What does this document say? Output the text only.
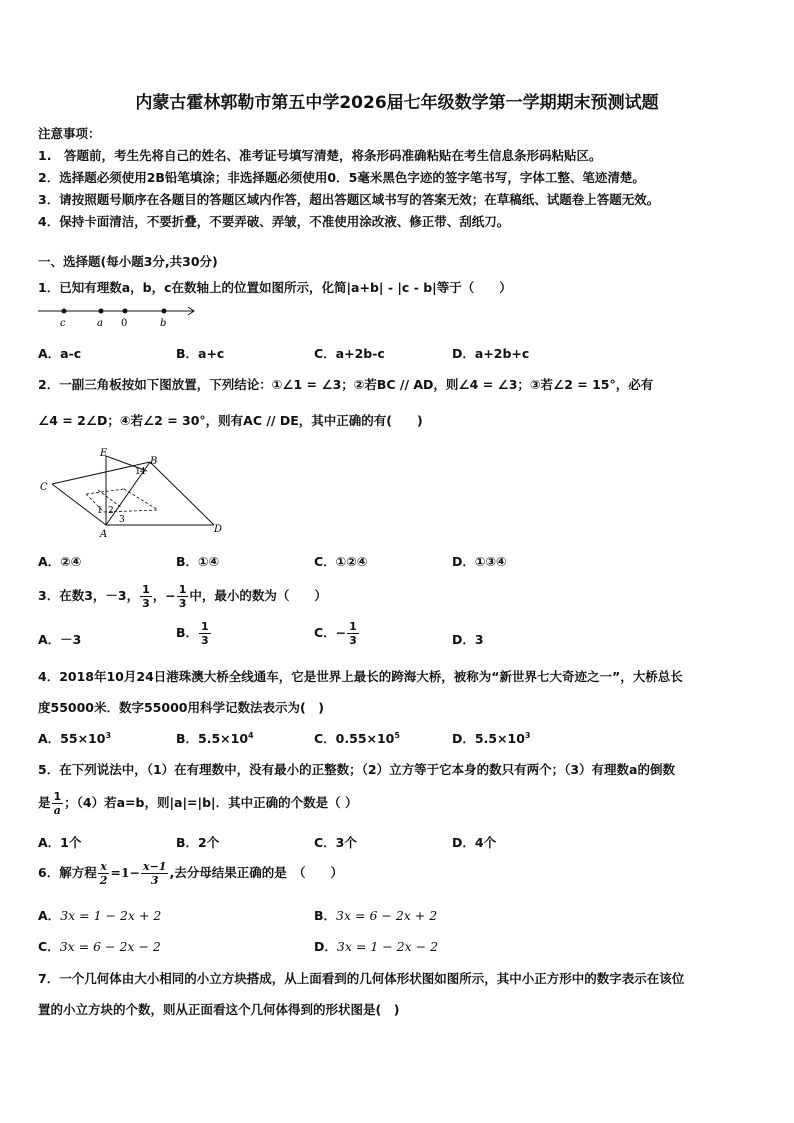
内蒙古霍林郭勒市第五中学2026届七年级数学第一学期期末预测试题
注意事项：
1.　答题前，考生先将自己的姓名、准考证号填写清楚，将条形码准确粘贴在考生信息条形码粘贴区。
2．选择题必须使用2B铅笔填涂；非选择题必须使用0．5毫米黑色字迹的签字笔书写，字体工整、笔迹清楚。
3．请按照题号顺序在各题目的答题区域内作答，超出答题区域书写的答案无效；在草稿纸、试题卷上答题无效。
4．保持卡面清洁，不要折叠，不要弄破、弄皱，不准使用涂改液、修正带、刮纸刀。
一、选择题(每小题3分,共30分)
1．已知有理数a，b，c在数轴上的位置如图所示，化简|a+b| - |c - b|等于（　　）
c	a 0	b
A．a-c	B．a+c	C．a+2b-c	D．a+2b+c
2．一副三角板按如下图放置，下列结论：①∠1 = ∠3；②若BC // AD，则∠4 = ∠3；③若∠2 = 15°，必有
∠4 = 2∠D；④若∠2 = 30°，则有AC // DE，其中正确的有(　　)
E
B
C
A	D
1 2
3
1 4
A．②④	B．①④	C．①②④	D．①③④
3．在数3，－3， $\frac{1}{3}$ ，− $\frac{1}{3}$ 中，最小的数为（　　）
A．－3	B． $\frac{1}{3}$	C．− $\frac{1}{3}$	D．3
4．2018年10月24日港珠澳大桥全线通车，它是世界上最长的跨海大桥，被称为“新世界七大奇迹之一”，大桥总长
度55000米．数字55000用科学记数法表示为(　)
A．$55\times 10^3$	B．$5.5\times 10^4$	C．$0.55\times 10^5$	D．$5.5\times 10^3$
5．在下列说法中，（1）在有理数中，没有最小的正整数；（2）立方等于它本身的数只有两个；（3）有理数a的倒数
是 $\frac{1}{a}$ ；（4）若a=b，则|a|=|b|．其中正确的个数是（ ）
A．1个	B．2个	C．3个	D．4个
6．解方程 $\frac{x}{2} =1- \frac{x-1}{3}$ ,去分母结果正确的是　（　　）
A．3x = 1 − 2x + 2	B．3x = 6 − 2x + 2
C．3x = 6 − 2x − 2	D．3x = 1 − 2x − 2
7．一个几何体由大小相同的小立方块搭成，从上面看到的几何体形状图如图所示，其中小正方形中的数字表示在该位
置的小立方块的个数，则从正面看这个几何体得到的形状图是(　)
